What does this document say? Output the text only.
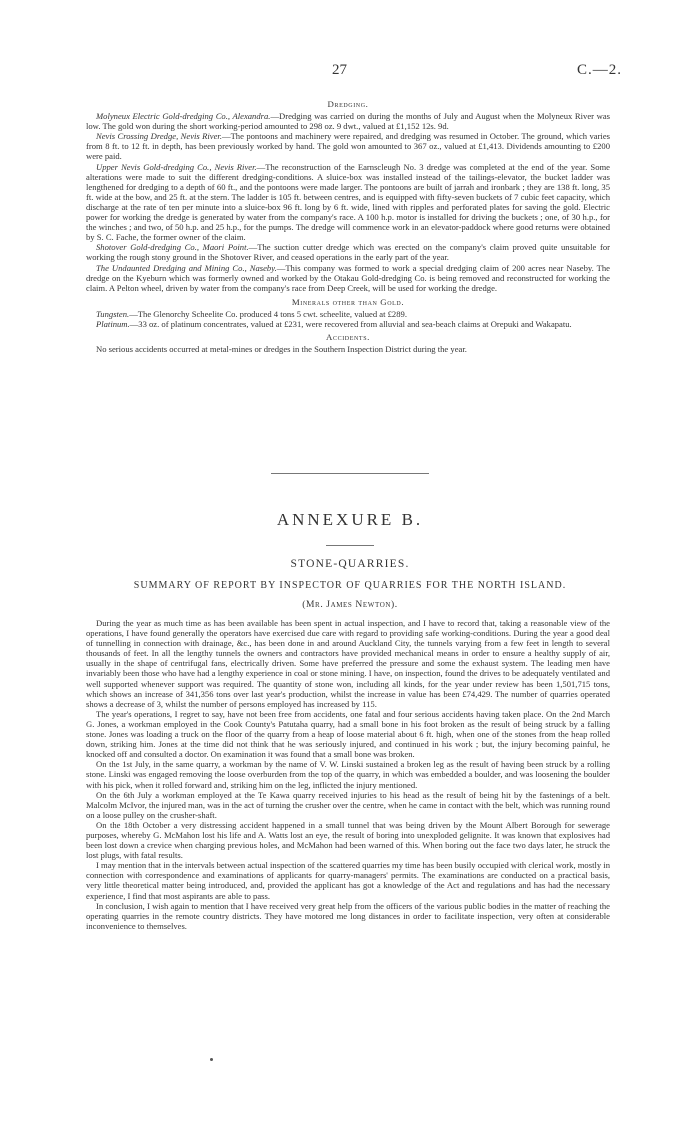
27	C.—2.

Dredging.

Molyneux Electric Gold-dredging Co., Alexandra.—Dredging was carried on during the months of July and August when the Molyneux River was low. The gold won during the short working-period amounted to 298 oz. 9 dwt., valued at £1,152 12s. 9d.

Nevis Crossing Dredge, Nevis River.—The pontoons and machinery were repaired, and dredging was resumed in October. The ground, which varies from 8 ft. to 12 ft. in depth, has been previously worked by hand. The gold won amounted to 367 oz., valued at £1,413. Dividends amounting to £200 were paid.

Upper Nevis Gold-dredging Co., Nevis River.—The reconstruction of the Earnscleugh No. 3 dredge was completed at the end of the year. Some alterations were made to suit the different dredging-conditions. A sluice-box was installed instead of the tailings-elevator, the bucket ladder was lengthened for dredging to a depth of 60 ft., and the pontoons were made larger. The pontoons are built of jarrah and ironbark ; they are 138 ft. long, 35 ft. wide at the bow, and 25 ft. at the stern. The ladder is 105 ft. between centres, and is equipped with fifty-seven buckets of 7 cubic feet capacity, which discharge at the rate of ten per minute into a sluice-box 96 ft. long by 6 ft. wide, lined with ripples and perforated plates for saving the gold. Electric power for working the dredge is generated by water from the company's race. A 100 h.p. motor is installed for driving the buckets ; one, of 30 h.p., for the winches ; and two, of 50 h.p. and 25 h.p., for the pumps. The dredge will commence work in an elevator-paddock where good returns were obtained by S. C. Fache, the former owner of the claim.

Shotover Gold-dredging Co., Maori Point.—The suction cutter dredge which was erected on the company's claim proved quite unsuitable for working the rough stony ground in the Shotover River, and ceased operations in the early part of the year.

The Undaunted Dredging and Mining Co., Naseby.—This company was formed to work a special dredging claim of 200 acres near Naseby. The dredge on the Kyeburn which was formerly owned and worked by the Otakau Gold-dredging Co. is being removed and reconstructed for working the claim. A Pelton wheel, driven by water from the company's race from Deep Creek, will be used for working the dredge.

Minerals other than Gold.

Tungsten.—The Glenorchy Scheelite Co. produced 4 tons 5 cwt. scheelite, valued at £289.

Platinum.—33 oz. of platinum concentrates, valued at £231, were recovered from alluvial and sea-beach claims at Orepuki and Wakapatu.

Accidents.

No serious accidents occurred at metal-mines or dredges in the Southern Inspection District during the year.

ANNEXURE B.
STONE-QUARRIES.
SUMMARY OF REPORT BY INSPECTOR OF QUARRIES FOR THE NORTH ISLAND.
(Mr. James Newton).

During the year as much time as has been available has been spent in actual inspection, and I have to record that, taking a reasonable view of the operations, I have found generally the operators have exercised due care with regard to providing safe working-conditions. During the year a good deal of tunnelling in connection with drainage, &c., has been done in and around Auckland City, the tunnels varying from a few feet in length to several thousands of feet. In all the lengthy tunnels the owners and contractors have provided mechanical means in order to ensure a healthy supply of air, usually in the shape of centrifugal fans, electrically driven. Some have preferred the pressure and some the exhaust system. The leading men have invariably been those who have had a lengthy experience in coal or stone mining. I have, on inspection, found the drives to be adequately ventilated and well supported whenever support was required. The quantity of stone won, including all kinds, for the year under review has been 1,501,715 tons, which shows an increase of 341,356 tons over last year's production, whilst the increase in value has been £74,429. The number of quarries operated shows a decrease of 3, whilst the number of persons employed has increased by 115.

The year's operations, I regret to say, have not been free from accidents, one fatal and four serious accidents having taken place. On the 2nd March G. Jones, a workman employed in the Cook County's Patutaha quarry, had a small bone in his foot broken as the result of being struck by a falling stone. Jones was loading a truck on the floor of the quarry from a heap of loose material about 6 ft. high, when one of the stones from the heap rolled down, striking him. Jones at the time did not think that he was seriously injured, and continued in his work ; but, the injury becoming painful, he knocked off and consulted a doctor. On examination it was found that a small bone was broken.

On the 1st July, in the same quarry, a workman by the name of V. W. Linski sustained a broken leg as the result of having been struck by a rolling stone. Linski was engaged removing the loose overburden from the top of the quarry, in which was embedded a boulder, and was loosening the boulder with his pick, when it rolled forward and, striking him on the leg, inflicted the injury mentioned.

On the 6th July a workman employed at the Te Kawa quarry received injuries to his head as the result of being hit by the fastenings of a belt. Malcolm McIvor, the injured man, was in the act of turning the crusher over the centre, when he came in contact with the belt, which was running round on a loose pulley on the crusher-shaft.

On the 18th October a very distressing accident happened in a small tunnel that was being driven by the Mount Albert Borough for sewerage purposes, whereby G. McMahon lost his life and A. Watts lost an eye, the result of boring into unexploded gelignite. It was known that explosives had been lost down a crevice when charging previous holes, and McMahon had been warned of this. When boring out the face two days later, he struck the lost plugs, with fatal results.

I may mention that in the intervals between actual inspection of the scattered quarries my time has been busily occupied with clerical work, mostly in connection with correspondence and examinations of applicants for quarry-managers' permits. The examinations are conducted on a practical basis, very little theoretical matter being introduced, and, provided the applicant has got a knowledge of the Act and regulations and has had the necessary experience, I find that most aspirants are able to pass.

In conclusion, I wish again to mention that I have received very great help from the officers of the various public bodies in the matter of reaching the operating quarries in the remote country districts. They have motored me long distances in order to facilitate inspection, very often at considerable inconvenience to themselves.
